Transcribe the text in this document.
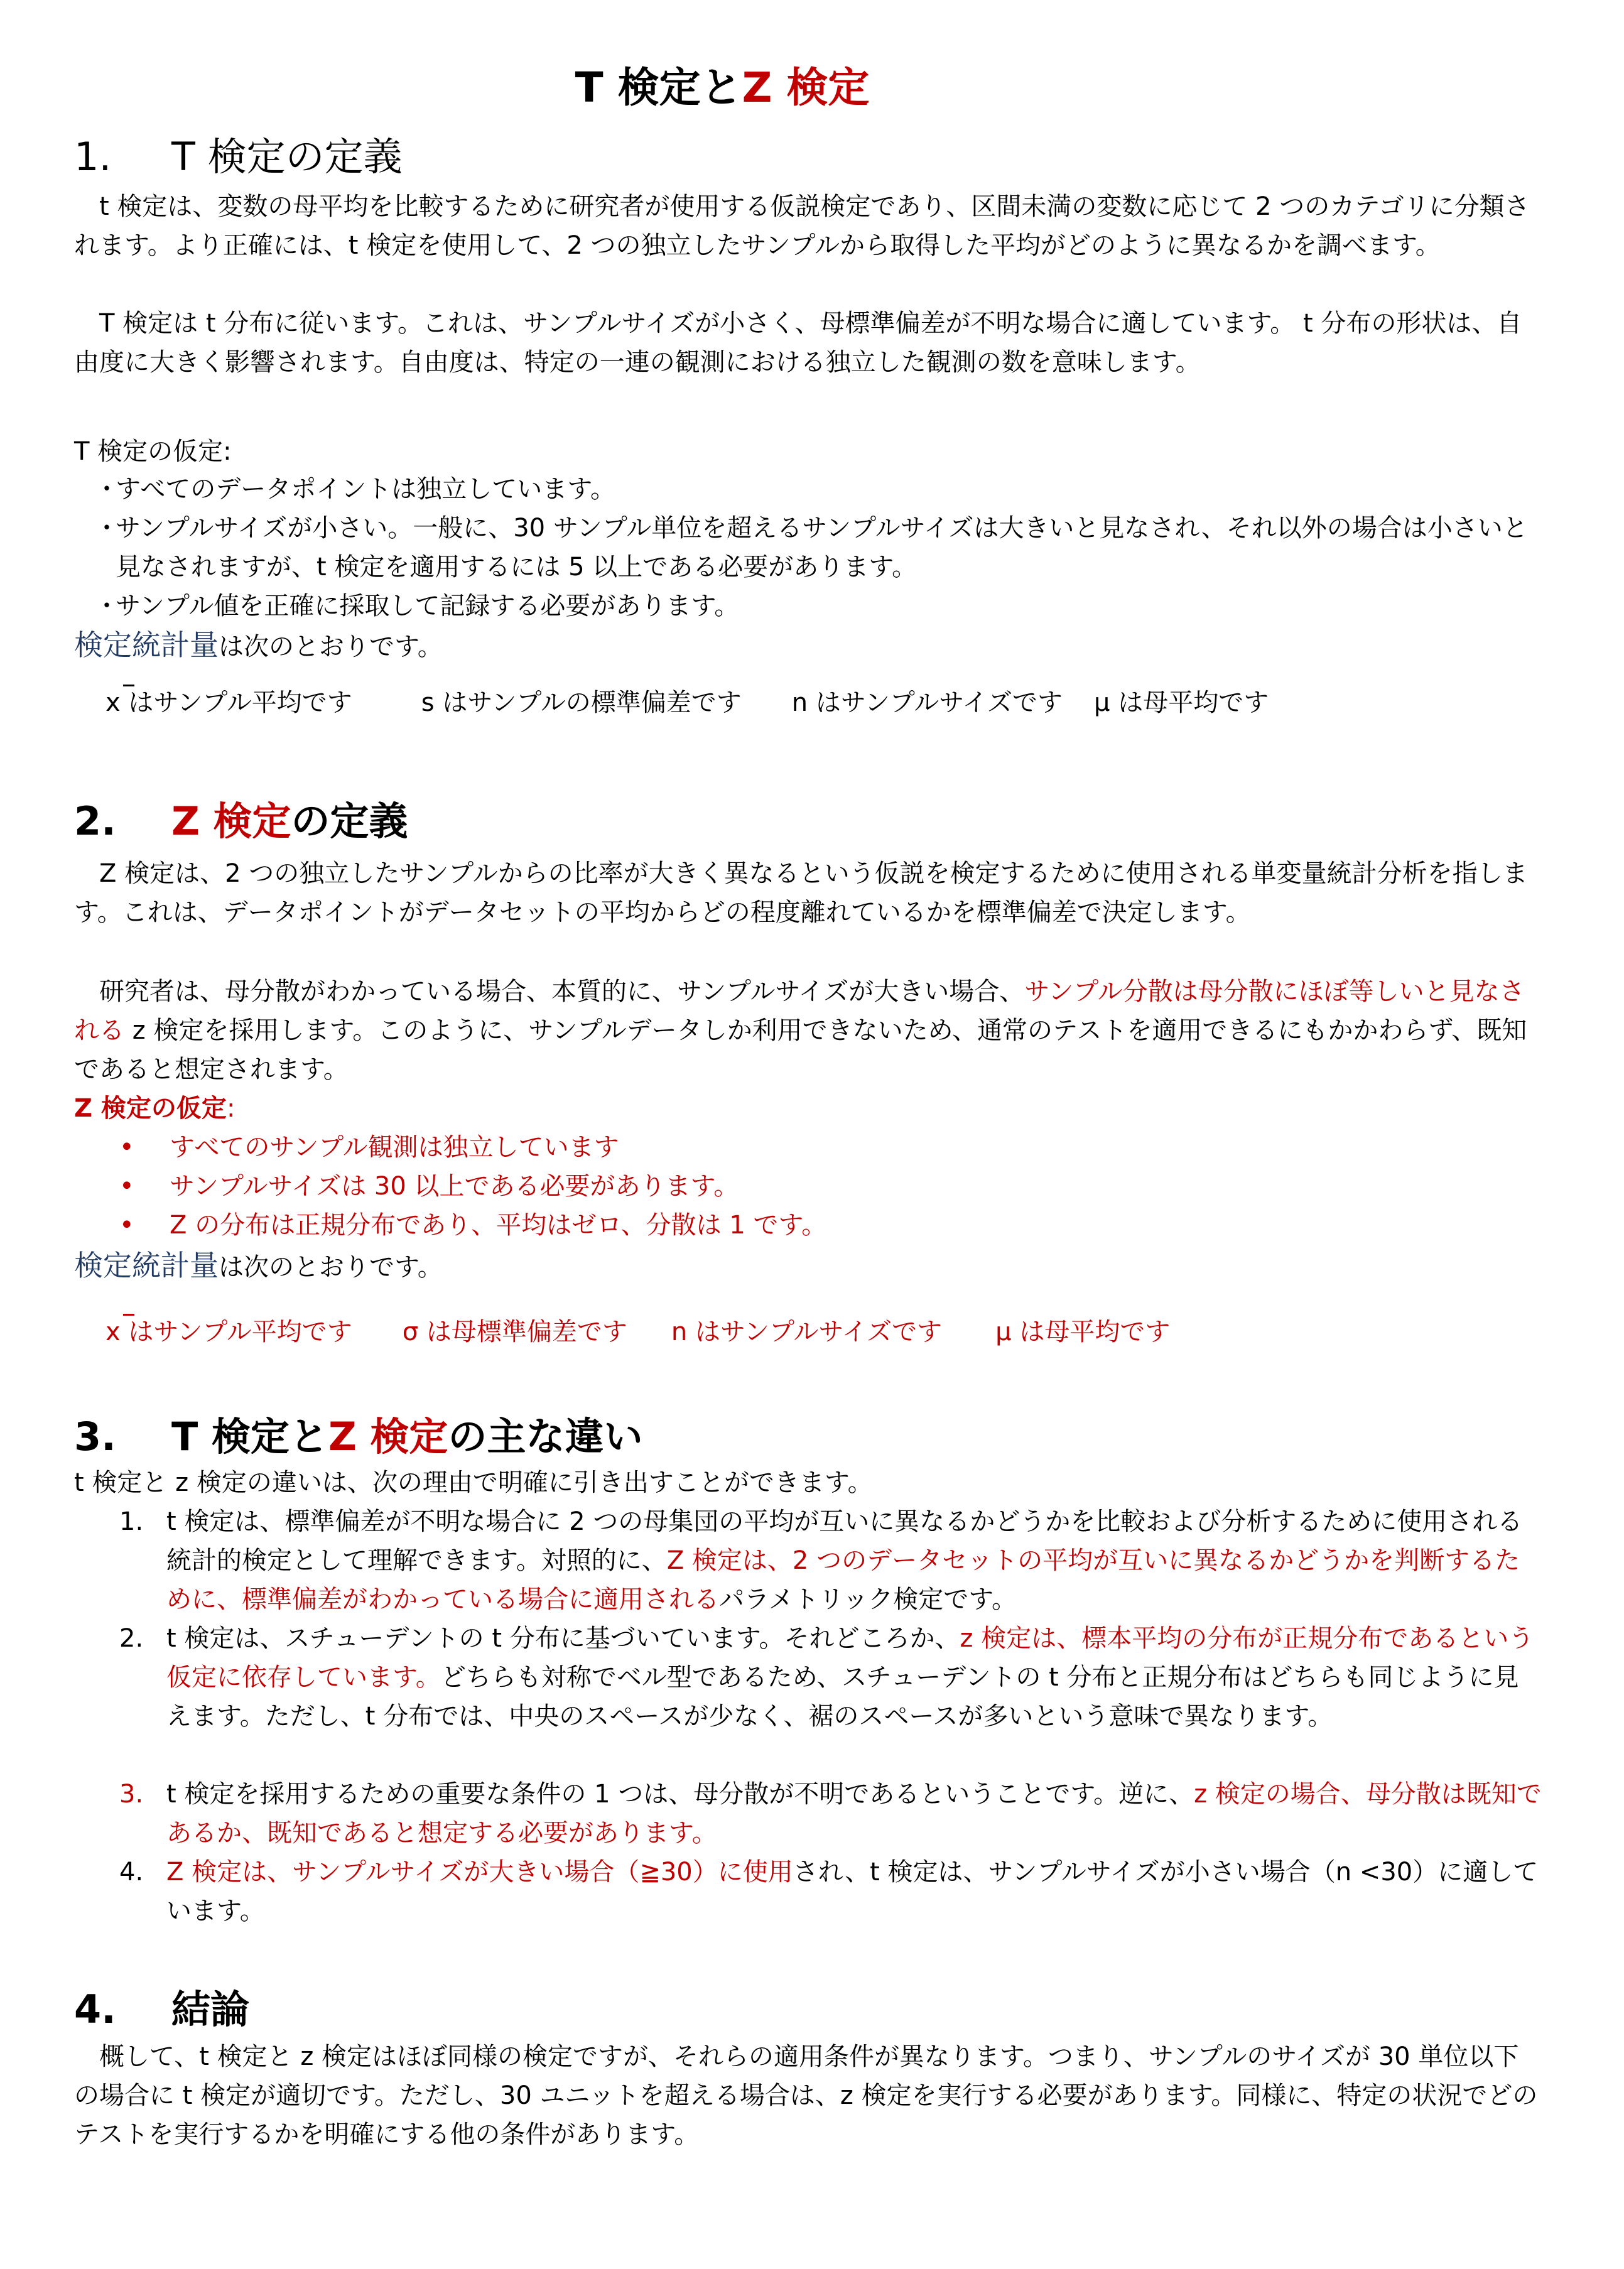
T 検定とZ 検定
1. T 検定の定義

t 検定は、変数の母平均を比較するために研究者が使用する仮説検定であり、区間未満の変数に応じて 2 つのカテゴリに分類されます。より正確には、t 検定を使用して、2 つの独立したサンプルから取得した平均がどのように異なるかを調べます。

T 検定は t 分布に従います。これは、サンプルサイズが小さく、母標準偏差が不明な場合に適しています。 t 分布の形状は、自由度に大きく影響されます。自由度は、特定の一連の観測における独立した観測の数を意味します。

T 検定の仮定:
・
すべてのデータポイントは独立しています。
・
サンプルサイズが小さい。一般に、30 サンプル単位を超えるサンプルサイズは大きいと見なされ、それ以外の場合は小さいと見なされますが、t 検定を適用するには 5 以上である必要があります。
・
サンプル値を正確に採取して記録する必要があります。
検定統計量は次のとおりです。
x はサンプル平均です	s はサンプルの標準偏差です n はサンプルサイズです μ は母平均です
2. Z 検定の定義

Z 検定は、2 つの独立したサンプルからの比率が大きく異なるという仮説を検定するために使用される単変量統計分析を指します。これは、データポイントがデータセットの平均からどの程度離れているかを標準偏差で決定します。

研究者は、母分散がわかっている場合、本質的に、サンプルサイズが大きい場合、サンプル分散は母分散にほぼ等しいと見なされる z 検定を採用します。このように、サンプルデータしか利用できないため、通常のテストを適用できるにもかかわらず、既知であると想定されます。

Z 検定の仮定:
•	すべてのサンプル観測は独立しています
•	サンプルサイズは 30 以上である必要があります。
•	Z の分布は正規分布であり、平均はゼロ、分散は 1 です。
検定統計量は次のとおりです。
x はサンプル平均です σ は母標準偏差です n はサンプルサイズです μ は母平均です
3. T 検定とZ 検定の主な違い
t 検定と z 検定の違いは、次の理由で明確に引き出すことができます。
1. t 検定は、標準偏差が不明な場合に 2 つの母集団の平均が互いに異なるかどうかを比較および分析するために使用される統計的検定として理解できます。対照的に、Z 検定は、2 つのデータセットの平均が互いに異なるかどうかを判断するために、標準偏差がわかっている場合に適用されるパラメトリック検定です。
2. t 検定は、スチューデントの t 分布に基づいています。それどころか、z 検定は、標本平均の分布が正規分布であるという仮定に依存しています。どちらも対称でベル型であるため、スチューデントの t 分布と正規分布はどちらも同じように見えます。ただし、t 分布では、中央のスペースが少なく、裾のスペースが多いという意味で異なります。
3. t 検定を採用するための重要な条件の 1 つは、母分散が不明であるということです。逆に、z 検定の場合、母分散は既知であるか、既知であると想定する必要があります。
4. Z 検定は、サンプルサイズが大きい場合（≧30）に使用され、t 検定は、サンプルサイズが小さい場合（n <30）に適しています。
4. 結論

概して、t 検定と z 検定はほぼ同様の検定ですが、それらの適用条件が異なります。つまり、サンプルのサイズが 30 単位以下の場合に t 検定が適切です。ただし、30 ユニットを超える場合は、z 検定を実行する必要があります。同様に、特定の状況でどのテストを実行するかを明確にする他の条件があります。
